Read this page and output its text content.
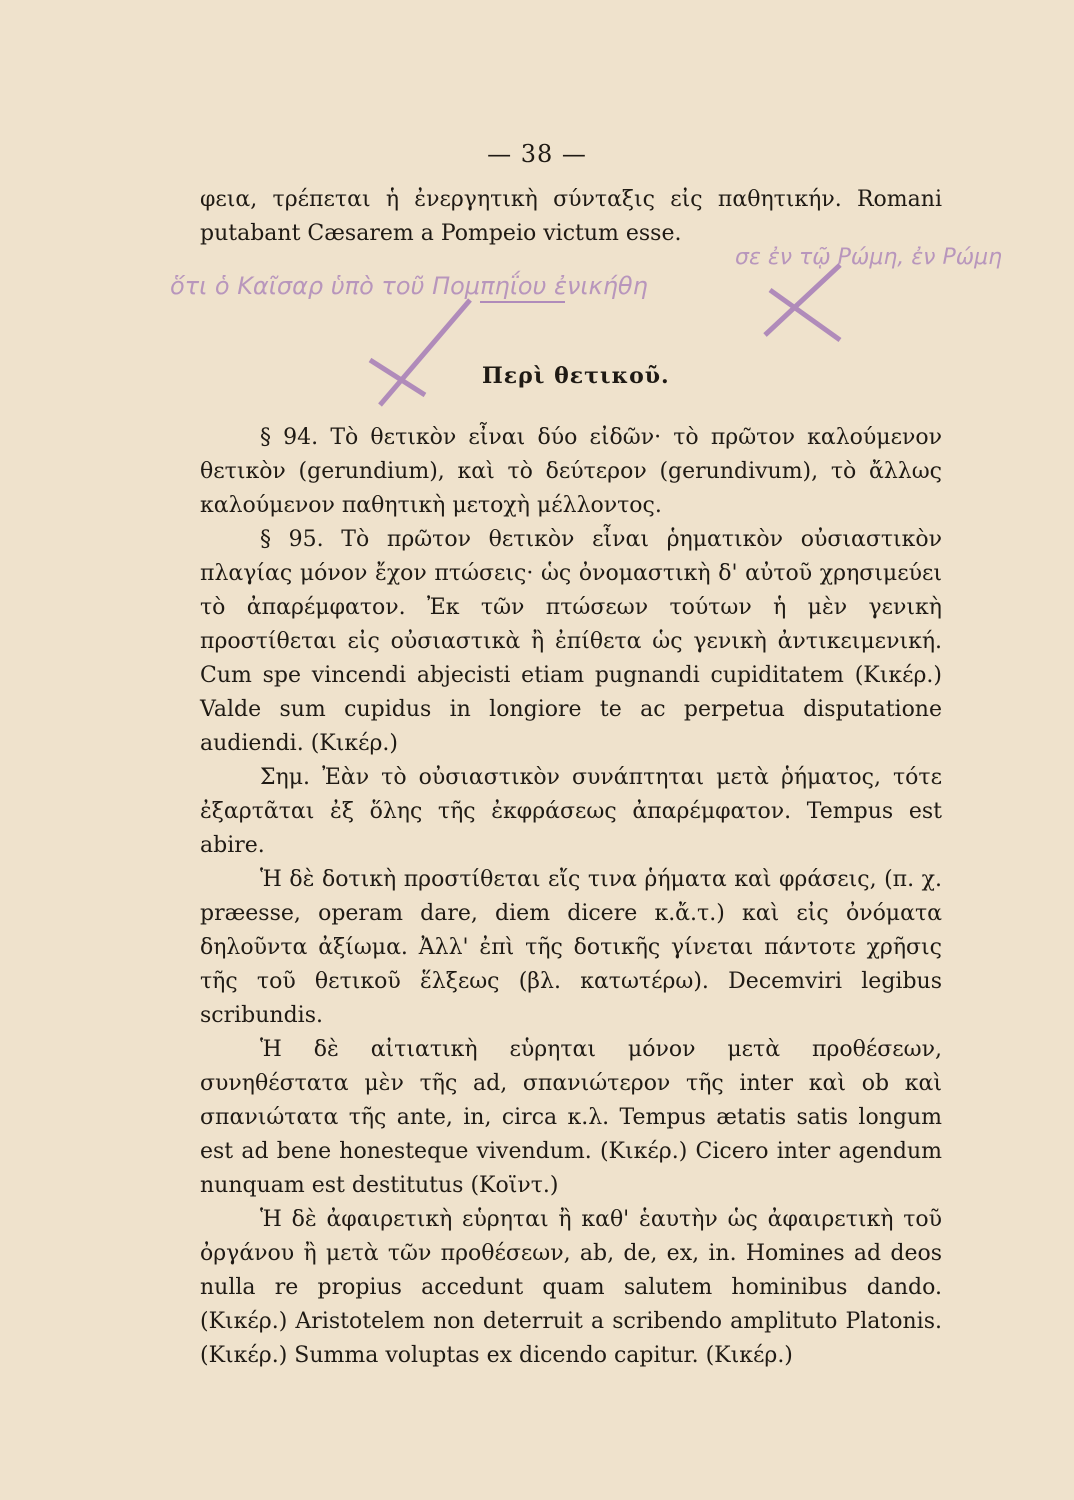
— 38 —
σε ἐν τῷ Ρώμη, ἐν Ρώμη
ὅτι ὁ Καῖσαρ ὑπὸ τοῦ Πομπηΐου ἐνικήθη
Περὶ θετικοῦ.

φεια, τρέπεται ἡ ἐνεργητικὴ σύνταξις εἰς παθητικήν. Romani putabant Cæsarem a Pompeio victum esse.

§ 94. Τὸ θετικὸν εἶναι δύο εἰδῶν· τὸ πρῶτον καλούμενον θετικὸν (gerundium), καὶ τὸ δεύτερον (gerundivum), τὸ ἄλλως καλούμενον παθητικὴ μετοχὴ μέλλοντος.

§ 95. Τὸ πρῶτον θετικὸν εἶναι ῥηματικὸν οὐσιαστικὸν πλαγίας μόνον ἔχον πτώσεις· ὡς ὀνομαστικὴ δ' αὐτοῦ χρησιμεύει τὸ ἀπαρέμφατον. Ἐκ τῶν πτώσεων τούτων ἡ μὲν γενικὴ προστίθεται εἰς οὐσιαστικὰ ἢ ἐπίθετα ὡς γενικὴ ἀντικειμενική. Cum spe vincendi abjecisti etiam pugnandi cupiditatem (Κικέρ.) Valde sum cupidus in longiore te ac perpetua disputatione audiendi. (Κικέρ.)

Σημ. Ἐὰν τὸ οὐσιαστικὸν συνάπτηται μετὰ ῥήματος, τότε ἐξαρτᾶται ἐξ ὅλης τῆς ἐκφράσεως ἀπαρέμφατον. Tempus est abire.

Ἡ δὲ δοτικὴ προστίθεται εἴς τινα ῥήματα καὶ φράσεις, (π. χ. præesse, operam dare, diem dicere κ.ἄ.τ.) καὶ εἰς ὀνόματα δηλοῦντα ἀξίωμα. Ἀλλ' ἐπὶ τῆς δοτικῆς γίνεται πάντοτε χρῆσις τῆς τοῦ θετικοῦ ἕλξεως (βλ. κατωτέρω). Decemviri legibus scribundis.

Ἡ δὲ αἰτιατικὴ εὑρηται μόνον μετὰ προθέσεων, συνηθέστατα μὲν τῆς ad, σπανιώτερον τῆς inter καὶ ob καὶ σπανιώτατα τῆς ante, in, circa κ.λ. Tempus ætatis satis longum est ad bene honesteque vivendum. (Κικέρ.) Cicero inter agendum nunquam est destitutus (Κοϊντ.)

Ἡ δὲ ἀφαιρετικὴ εὑρηται ἢ καθ' ἑαυτὴν ὡς ἀφαιρετικὴ τοῦ ὀργάνου ἢ μετὰ τῶν προθέσεων, ab, de, ex, in. Homines ad deos nulla re propius accedunt quam salutem hominibus dando. (Κικέρ.) Aristotelem non deterruit a scribendo amplituto Platonis. (Κικέρ.) Summa voluptas ex dicendo capitur. (Κικέρ.)
